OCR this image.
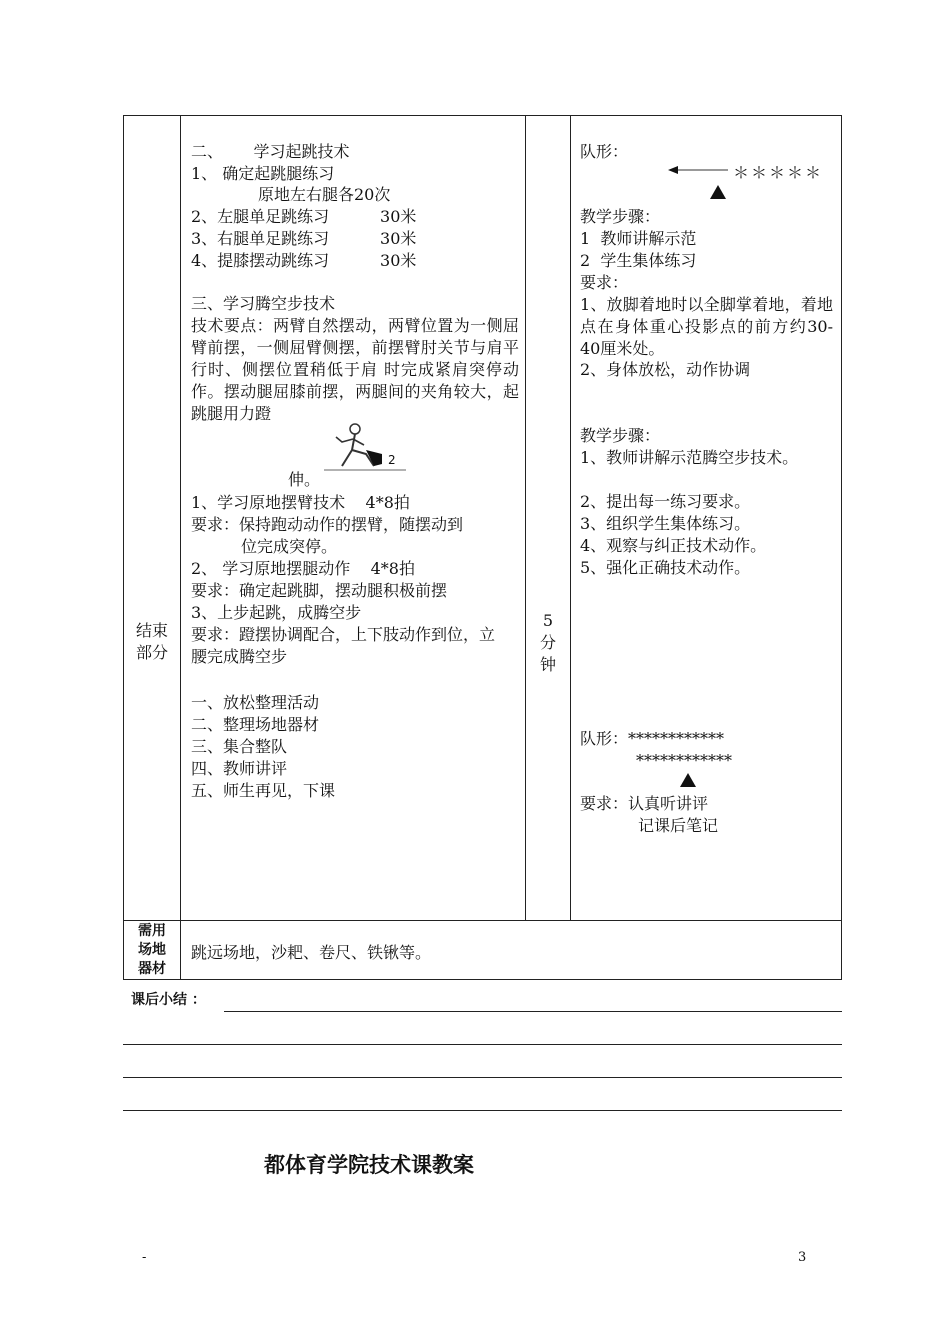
结束
部分
二、      学习起跳技术
1、 确定起跳腿练习
原地左右腿各20次
2、左腿单足跳练习          30米
3、右腿单足跳练习          30米
4、提膝摆动跳练习          30米
三、学习腾空步技术
技术要点：两臂自然摆动，两臂位置为一侧屈臂前摆，一侧屈臂侧摆，前摆臂肘关节与肩平行时、侧摆位置稍低于肩 时完成紧肩突停动作。摆动腿屈膝前摆，两腿间的夹角较大，起跳腿用力蹬
2
伸。
1、学习原地摆臂技术    4*8拍
要求：保持跑动动作的摆臂，随摆动到
位完成突停。
2、 学习原地摆腿动作    4*8拍
要求：确定起跳脚，摆动腿积极前摆
3、上步起跳，成腾空步
要求：蹬摆协调配合，上下肢动作到位，立腰完成腾空步
一、放松整理活动
二、整理场地器材
三、集合整队
四、教师讲评
五、师生再见，下课
5
分
钟
队形：
＊＊＊＊＊
教学步骤：
1  教师讲解示范
2  学生集体练习
要求：
1、放脚着地时以全脚掌着地，着地点在身体重心投影点的前方约30-40厘米处。
2、身体放松，动作协调
教学步骤：
1、教师讲解示范腾空步技术。
2、提出每一练习要求。
3、组织学生集体练习。
4、观察与纠正技术动作。
5、强化正确技术动作。
队形：************
************
要求：认真听讲评
记课后笔记
需用
场地
器材
跳远场地，沙耙、卷尺、铁锹等。
课后小结 ：
都体育学院技术课教案
-	3
